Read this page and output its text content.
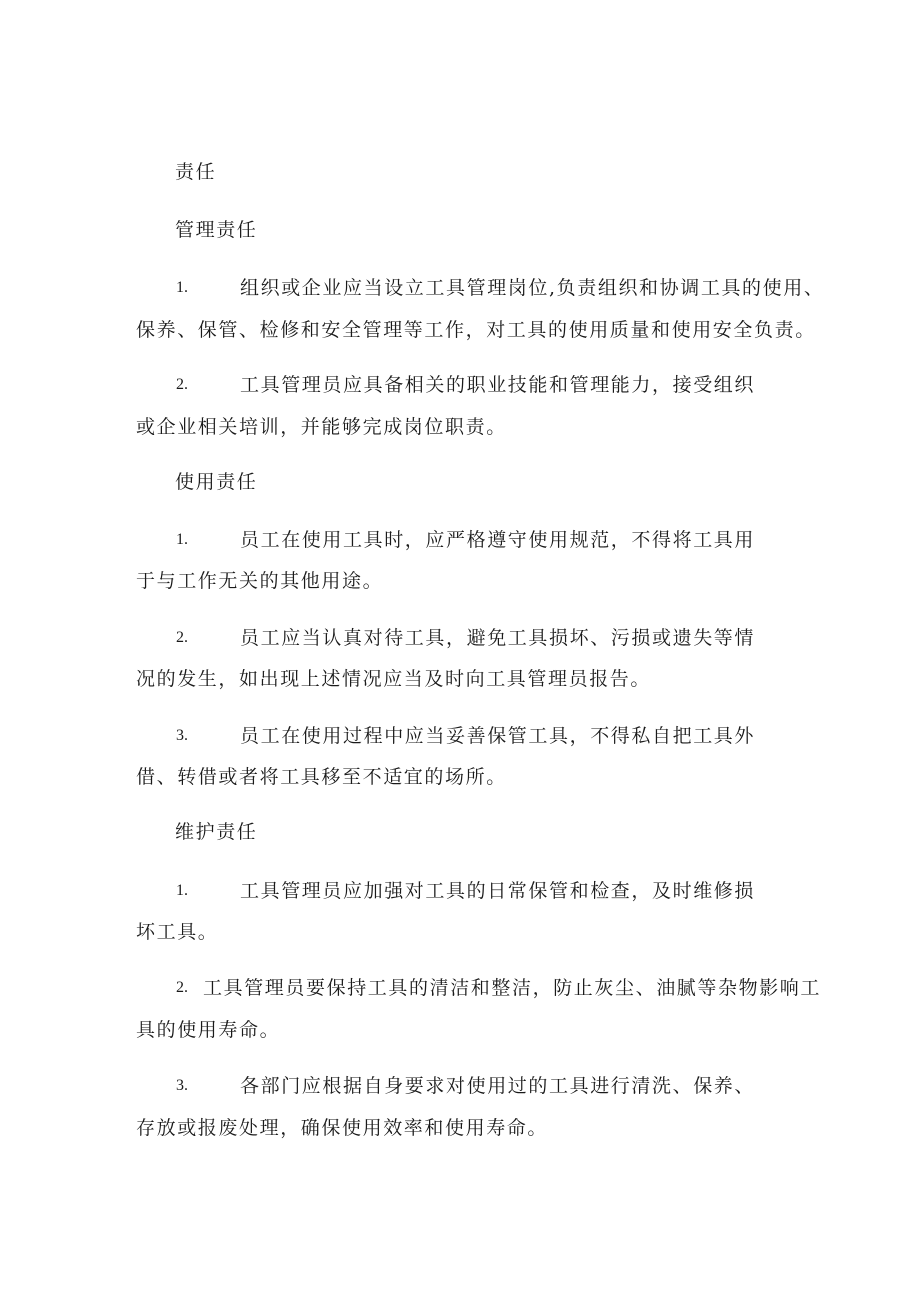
责任
管理责任
1.	组织或企业应当设立工具管理岗位,负责组织和协调工具的使用、
保养、保管、检修和安全管理等工作，对工具的使用质量和使用安全负责。
2.	工具管理员应具备相关的职业技能和管理能力，接受组织
或企业相关培训，并能够完成岗位职责。
使用责任
1.	员工在使用工具时，应严格遵守使用规范，不得将工具用
于与工作无关的其他用途。
2.	员工应当认真对待工具，避免工具损坏、污损或遗失等情
况的发生，如出现上述情况应当及时向工具管理员报告。
3.	员工在使用过程中应当妥善保管工具，不得私自把工具外
借、转借或者将工具移至不适宜的场所。
维护责任
1.	工具管理员应加强对工具的日常保管和检查，及时维修损
坏工具。
2. 工具管理员要保持工具的清洁和整洁，防止灰尘、油腻等杂物影响工
具的使用寿命。
3.	各部门应根据自身要求对使用过的工具进行清洗、保养、
存放或报废处理，确保使用效率和使用寿命。
